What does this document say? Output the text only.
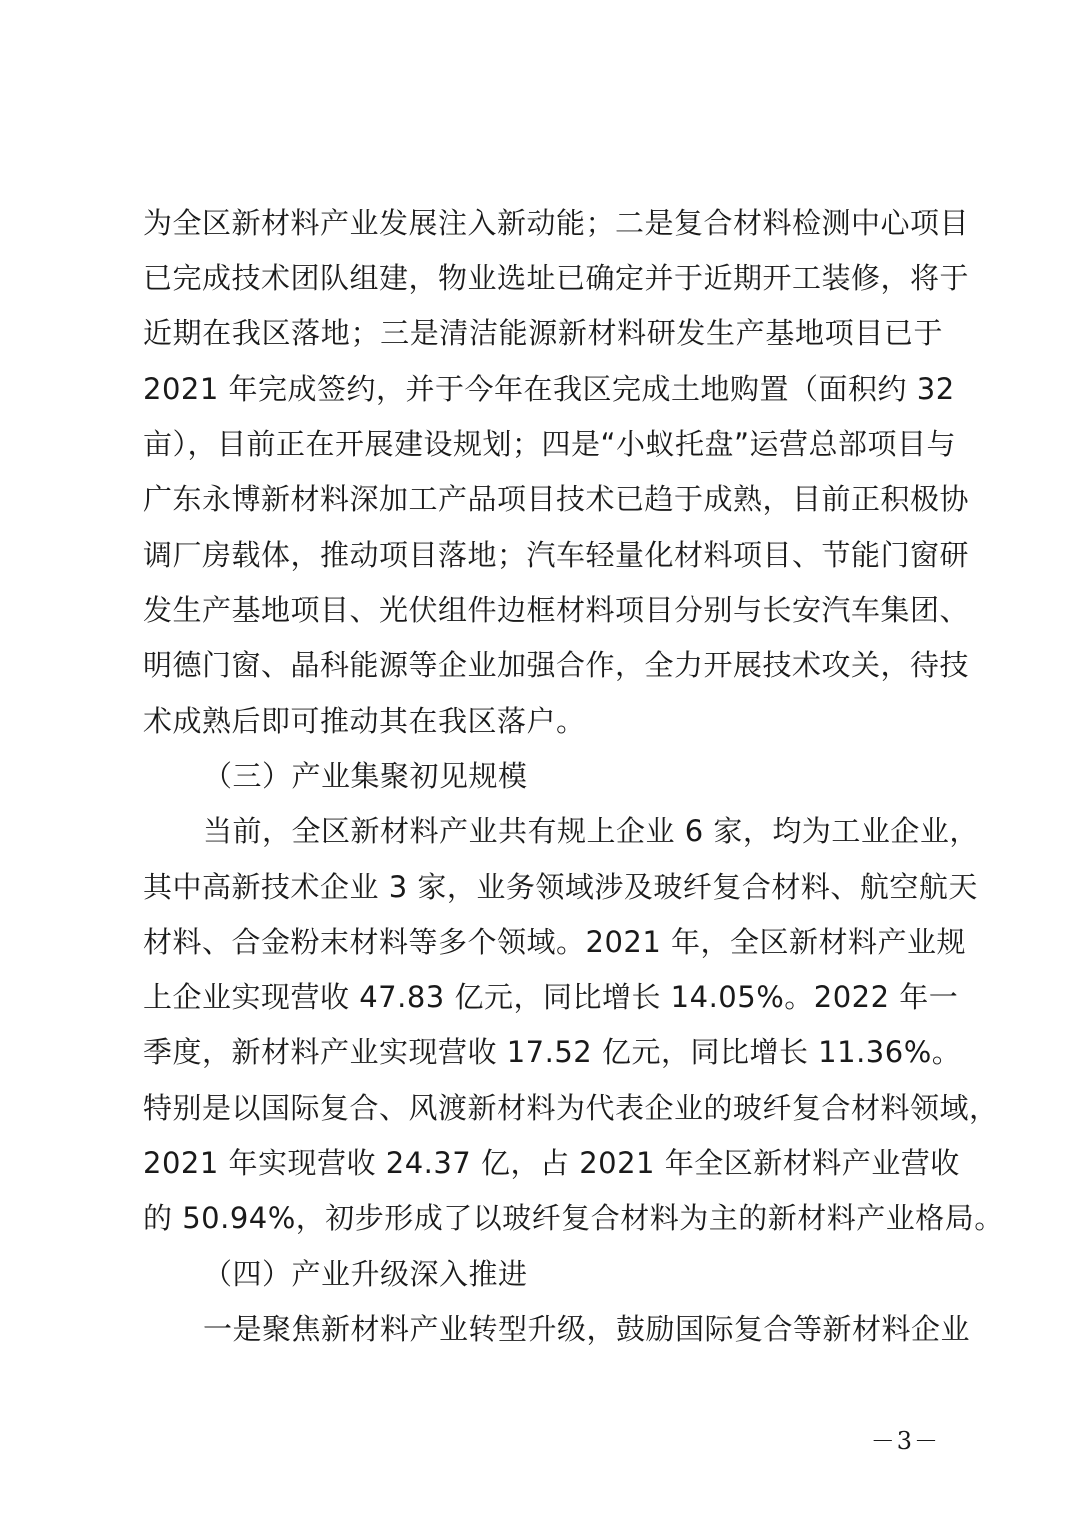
为全区新材料产业发展注入新动能；二是复合材料检测中心项目
已完成技术团队组建，物业选址已确定并于近期开工装修，将于
近期在我区落地；三是清洁能源新材料研发生产基地项目已于
2021 年完成签约，并于今年在我区完成土地购置（面积约 32
亩），目前正在开展建设规划；四是“小蚁托盘”运营总部项目与
广东永博新材料深加工产品项目技术已趋于成熟，目前正积极协
调厂房载体，推动项目落地；汽车轻量化材料项目、节能门窗研
发生产基地项目、光伏组件边框材料项目分别与长安汽车集团、
明德门窗、晶科能源等企业加强合作，全力开展技术攻关，待技
术成熟后即可推动其在我区落户。
（三）产业集聚初见规模
当前，全区新材料产业共有规上企业 6 家，均为工业企业，
其中高新技术企业 3 家，业务领域涉及玻纤复合材料、航空航天
材料、合金粉末材料等多个领域。2021 年，全区新材料产业规
上企业实现营收 47.83 亿元，同比增长 14.05%。2022 年一
季度，新材料产业实现营收 17.52 亿元，同比增长 11.36%。
特别是以国际复合、风渡新材料为代表企业的玻纤复合材料领域，
2021 年实现营收 24.37 亿，占 2021 年全区新材料产业营收
的 50.94%，初步形成了以玻纤复合材料为主的新材料产业格局。
（四）产业升级深入推进
一是聚焦新材料产业转型升级，鼓励国际复合等新材料企业
－3－
